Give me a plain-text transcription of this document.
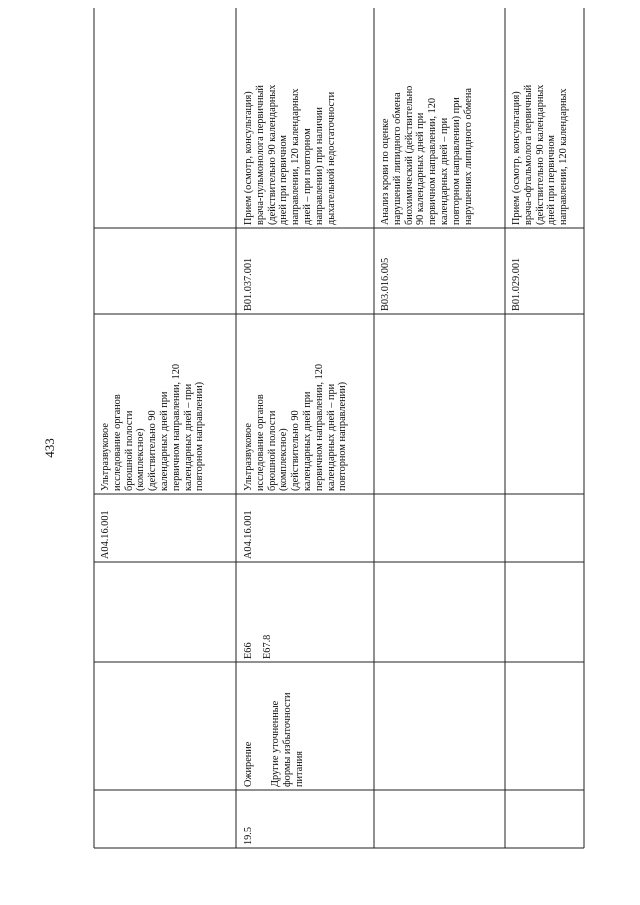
433
A04.16.001
Ультразвуковое
исследование органов
брюшной полости
(комплексное)
(действительно 90
календарных дней при
первичном направлении, 120
календарных дней – при
повторном направлении)
19.5
Ожирение Другие уточненные
формы избыточности
питания
E66 E67.8
A04.16.001
Ультразвуковое
исследование органов
брюшной полости
(комплексное)
(действительно 90
календарных дней при
первичном направлении, 120
календарных дней – при
повторном направлении)
B01.037.001
Прием (осмотр, консультация)
врача-пульмонолога первичный
(действительно 90 календарных
дней при первичном
направлении, 120 календарных
дней – при повторном
направлении) при наличии
дыхательной недостаточности
B03.016.005
Анализ крови по оценке
нарушений липидного обмена
биохимический (действительно
90 календарных дней при
первичном направлении, 120
календарных дней – при
повторном направлении) при
нарушениях липидного обмена
B01.029.001
Прием (осмотр, консультация)
врача-офтальмолога первичный
(действительно 90 календарных
дней при первичном
направлении, 120 календарных
